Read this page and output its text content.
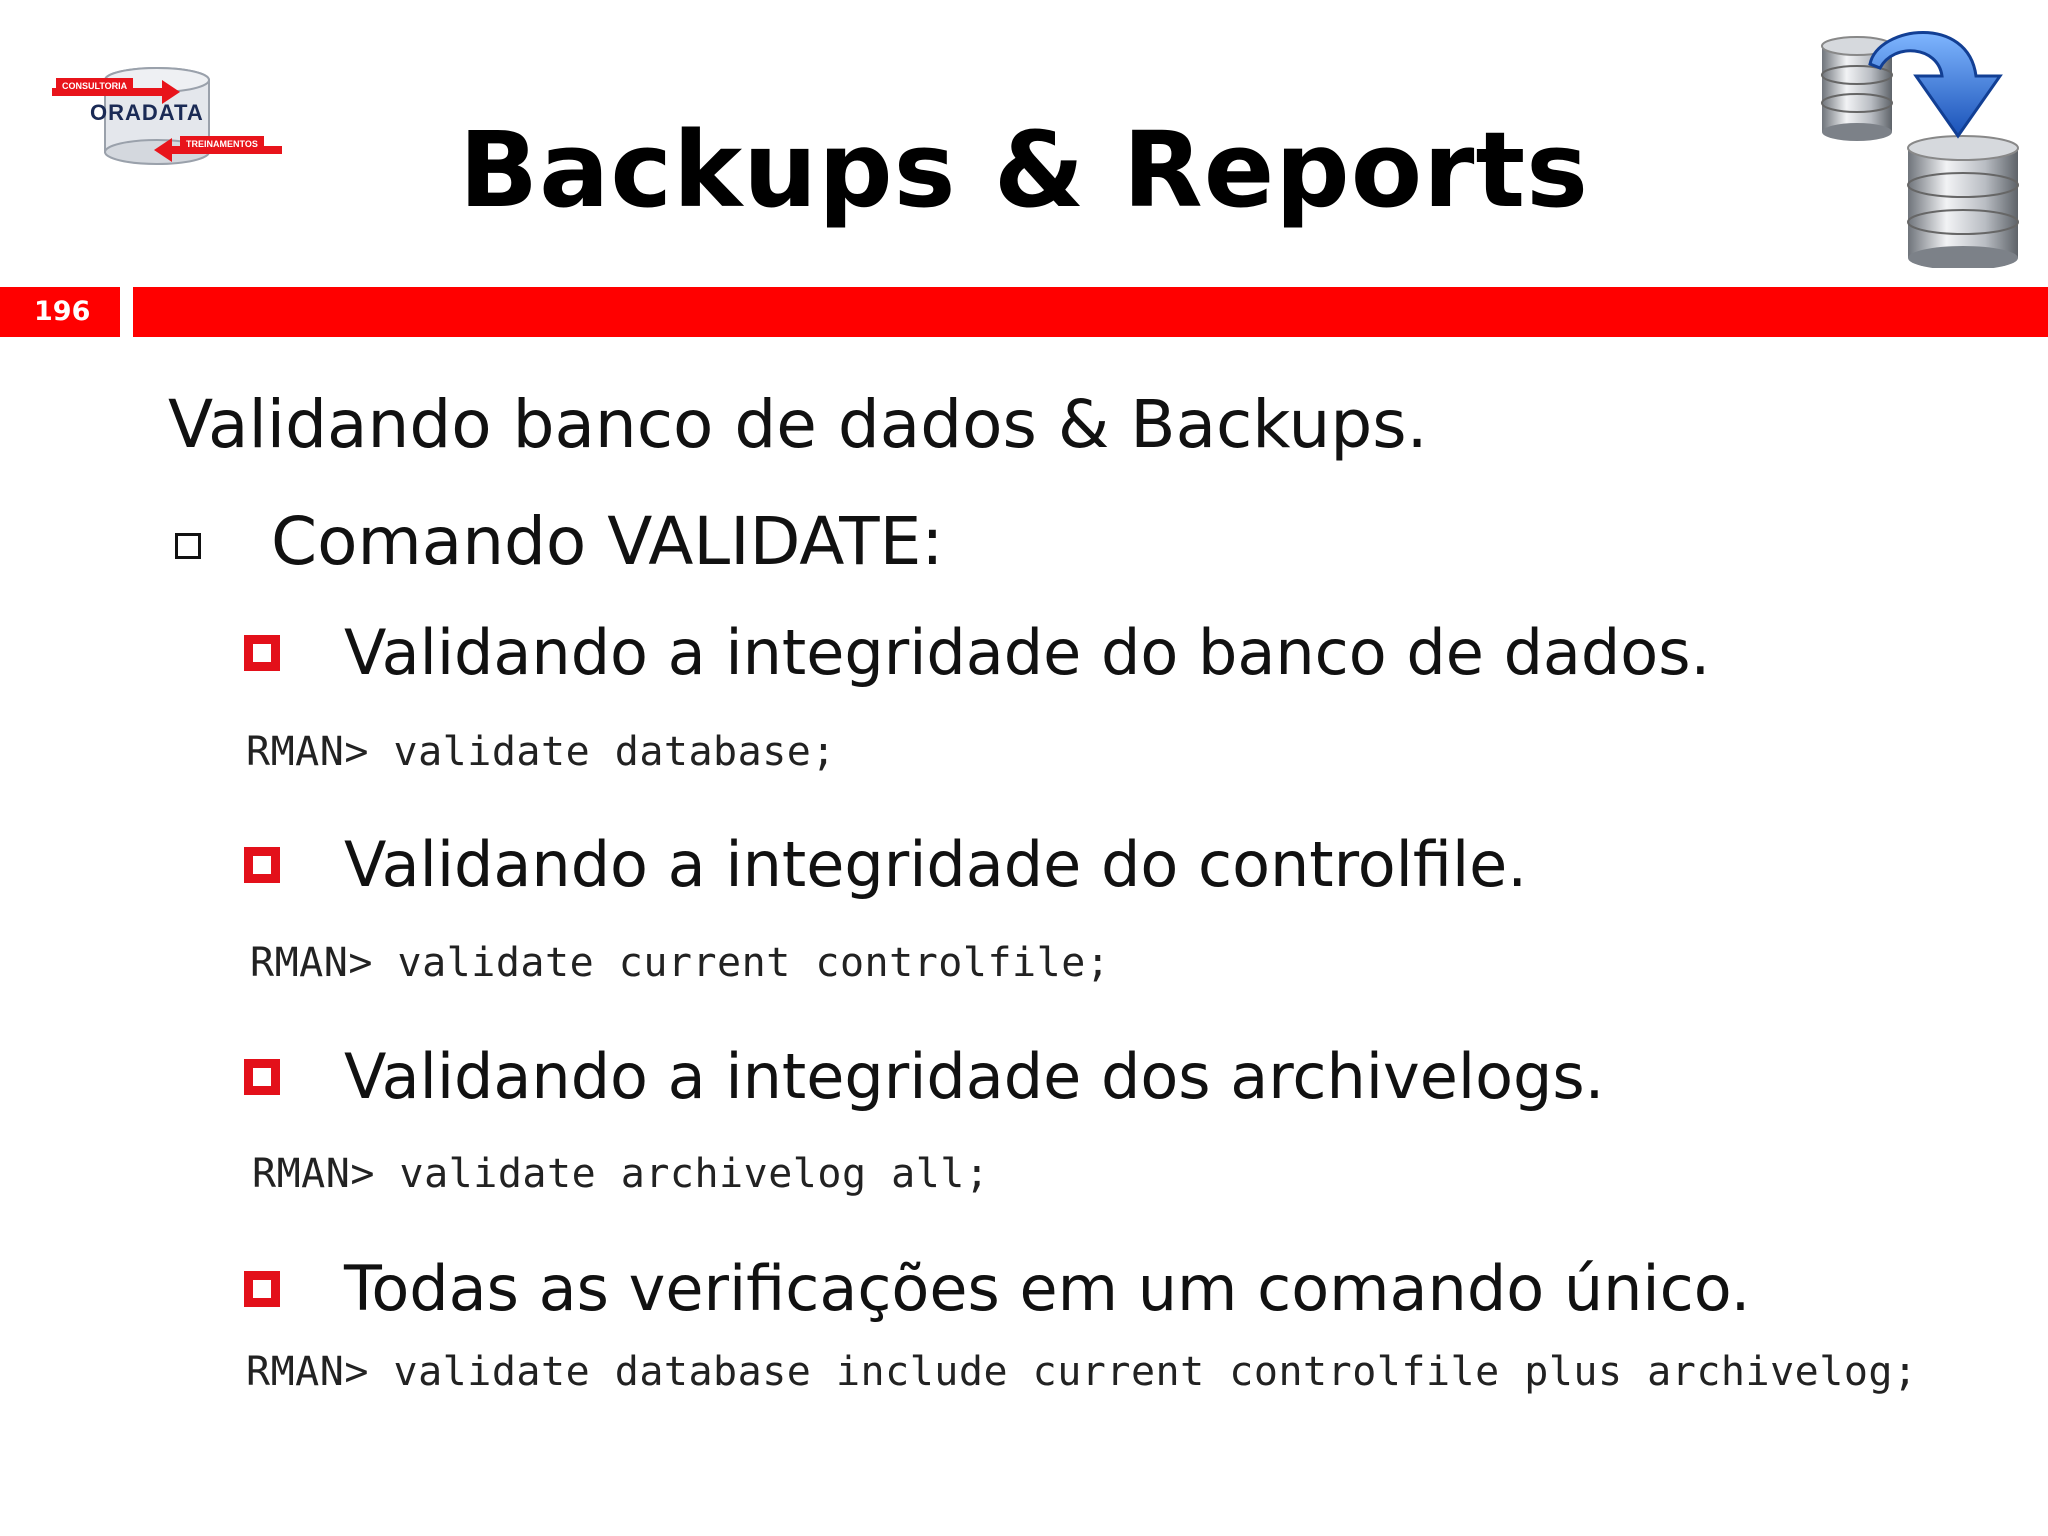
CONSULTORIA
ORADATA
TREINAMENTOS	Backups & Reports
196
Validando banco de dados & Backups.
Comando VALIDATE:
Validando a integridade do banco de dados.
RMAN> validate database;
Validando a integridade do controlfile.
RMAN> validate current controlfile;
Validando a integridade dos archivelogs.
RMAN> validate archivelog all;
Todas as verificações em um comando único.
RMAN> validate database include current controlfile plus archivelog;
